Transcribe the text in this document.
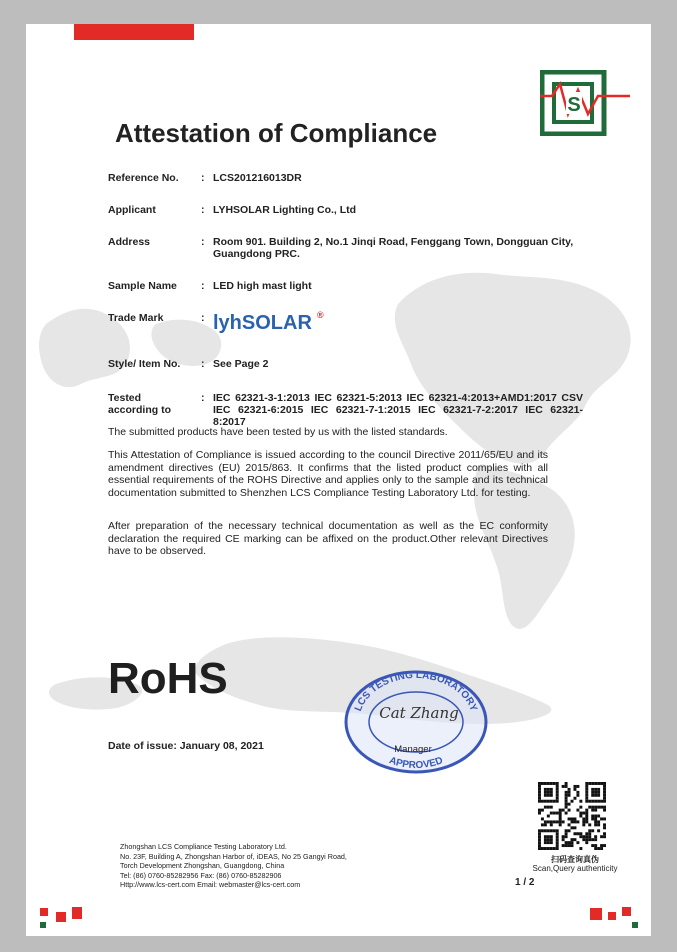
S
Attestation of Compliance
Reference No.	: LCS201216013DR
Applicant	: LYHSOLAR Lighting Co., Ltd
Address	: Room 901. Building 2, No.1 Jinqi Road, Fenggang Town, Dongguan City, Guangdong PRC.
Sample Name	: LED high mast light
Trade Mark	: lyhSOLAR ®
Style/ Item No.	: See Page 2
Tested according to
: IEC 62321-3-1:2013 IEC 62321-5:2013 IEC 62321-4:2013+AMD1:2017 CSV IEC 62321-6:2015 IEC 62321-7-1:2015 IEC 62321-7-2:2017 IEC 62321-8:2017

The submitted products have been tested by us with the listed standards.

This Attestation of Compliance is issued according to the council Directive 2011/65/EU and its amendment directives (EU) 2015/863. It confirms that the listed product complies with all essential requirements of the ROHS Directive and applies only to the sample and its technical documentation submitted to Shenzhen LCS Compliance Testing Laboratory Ltd. for testing.

After preparation of the necessary technical documentation as well as the EC conformity declaration the required CE marking can be affixed on the product.Other relevant Directives have to be observed.

RoHS
LCS TESTING LABORATORY
APPROVED
Cat Zhang
Manager
Date of issue: January 08, 2021
扫码查询真伪
Scan,Query authenticity
1 / 2
Zhongshan LCS Compliance Testing Laboratory Ltd.
No. 23F, Building A, Zhongshan Harbor of, iDEAS, No 25 Gangyi Road,
Torch Development Zhongshan, Guangdong, China
Tel: (86) 0760-85282956 Fax: (86) 0760-85282906
Http://www.lcs-cert.com Email: webmaster@lcs-cert.com
